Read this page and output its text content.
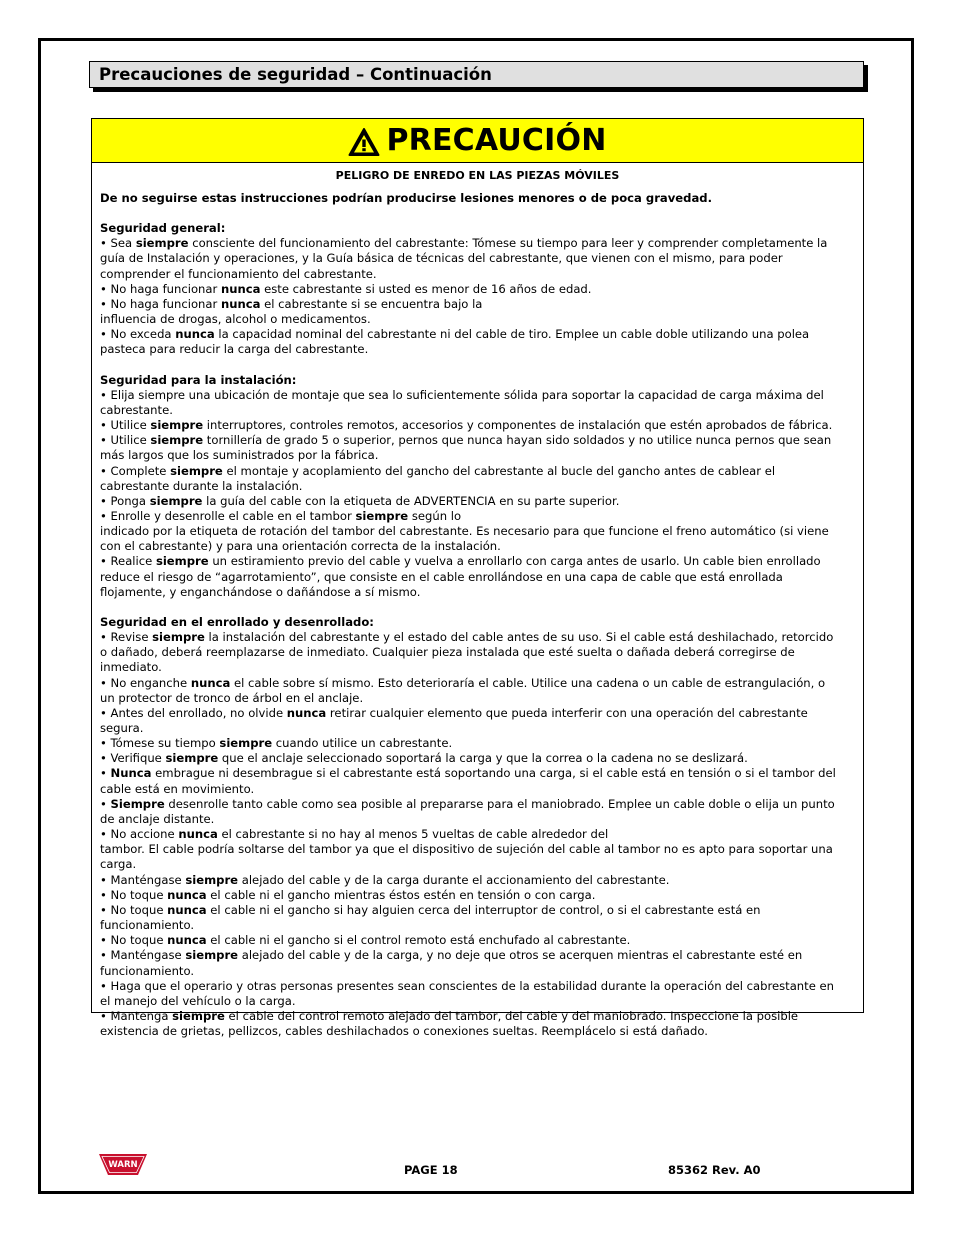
Precauciones de seguridad – Continuación
PRECAUCIÓN
PELIGRO DE ENREDO EN LAS PIEZAS MÓVILES

De no seguirse estas instrucciones podrían producirse lesiones menores o de poca gravedad.

Seguridad general:

• Sea siempre consciente del funcionamiento del cabrestante: Tómese su tiempo para leer y comprender completamente la guía de Instalación y operaciones, y la Guía básica de técnicas del cabrestante, que vienen con el mismo, para poder comprender el funcionamiento del cabrestante.

• No haga funcionar nunca este cabrestante si usted es menor de 16 años de edad.

• No haga funcionar nunca el cabrestante si se encuentra bajo la

influencia de drogas, alcohol o medicamentos.

• No exceda nunca la capacidad nominal del cabrestante ni del cable de tiro. Emplee un cable doble utilizando una polea pasteca para reducir la carga del cabrestante.

Seguridad para la instalación:

• Elija siempre una ubicación de montaje que sea lo suficientemente sólida para soportar la capacidad de carga máxima del cabrestante.

• Utilice siempre interruptores, controles remotos, accesorios y componentes de instalación que estén aprobados de fábrica.

• Utilice siempre tornillería de grado 5 o superior, pernos que nunca hayan sido soldados y no utilice nunca pernos que sean más largos que los suministrados por la fábrica.

• Complete siempre el montaje y acoplamiento del gancho del cabrestante al bucle del gancho antes de cablear el cabrestante durante la instalación.

• Ponga siempre la guía del cable con la etiqueta de ADVERTENCIA en su parte superior.

• Enrolle y desenrolle el cable en el tambor siempre según lo

indicado por la etiqueta de rotación del tambor del cabrestante. Es necesario para que funcione el freno automático (si viene con el cabrestante) y para una orientación correcta de la instalación.

• Realice siempre un estiramiento previo del cable y vuelva a enrollarlo con carga antes de usarlo. Un cable bien enrollado reduce el riesgo de “agarrotamiento”, que consiste en el cable enrollándose en una capa de cable que está enrollada flojamente, y enganchándose o dañándose a sí mismo.

Seguridad en el enrollado y desenrollado:

• Revise siempre la instalación del cabrestante y el estado del cable antes de su uso. Si el cable está deshilachado, retorcido o dañado, deberá reemplazarse de inmediato. Cualquier pieza instalada que esté suelta o dañada deberá corregirse de inmediato.

• No enganche nunca el cable sobre sí mismo. Esto deterioraría el cable. Utilice una cadena o un cable de estrangulación, o un protector de tronco de árbol en el anclaje.

• Antes del enrollado, no olvide nunca retirar cualquier elemento que pueda interferir con una operación del cabrestante segura.

• Tómese su tiempo siempre cuando utilice un cabrestante.

• Verifique siempre que el anclaje seleccionado soportará la carga y que la correa o la cadena no se deslizará.

• Nunca embrague ni desembrague si el cabrestante está soportando una carga, si el cable está en tensión o si el tambor del cable está en movimiento.

• Siempre desenrolle tanto cable como sea posible al prepararse para el maniobrado. Emplee un cable doble o elija un punto de anclaje distante.

• No accione nunca el cabrestante si no hay al menos 5 vueltas de cable alrededor del

tambor. El cable podría soltarse del tambor ya que el dispositivo de sujeción del cable al tambor no es apto para soportar una carga.

• Manténgase siempre alejado del cable y de la carga durante el accionamiento del cabrestante.

• No toque nunca el cable ni el gancho mientras éstos estén en tensión o con carga.

• No toque nunca el cable ni el gancho si hay alguien cerca del interruptor de control, o si el cabrestante está en funcionamiento.

• No toque nunca el cable ni el gancho si el control remoto está enchufado al cabrestante.

• Manténgase siempre alejado del cable y de la carga, y no deje que otros se acerquen mientras el cabrestante esté en funcionamiento.

• Haga que el operario y otras personas presentes sean conscientes de la estabilidad durante la operación del cabrestante en el manejo del vehículo o la carga.

• Mantenga siempre el cable del control remoto alejado del tambor, del cable y del maniobrado. Inspeccione la posible existencia de grietas, pellizcos, cables deshilachados o conexiones sueltas. Reemplácelo si está dañado.

WARN	PAGE 18	85362 Rev. A0
